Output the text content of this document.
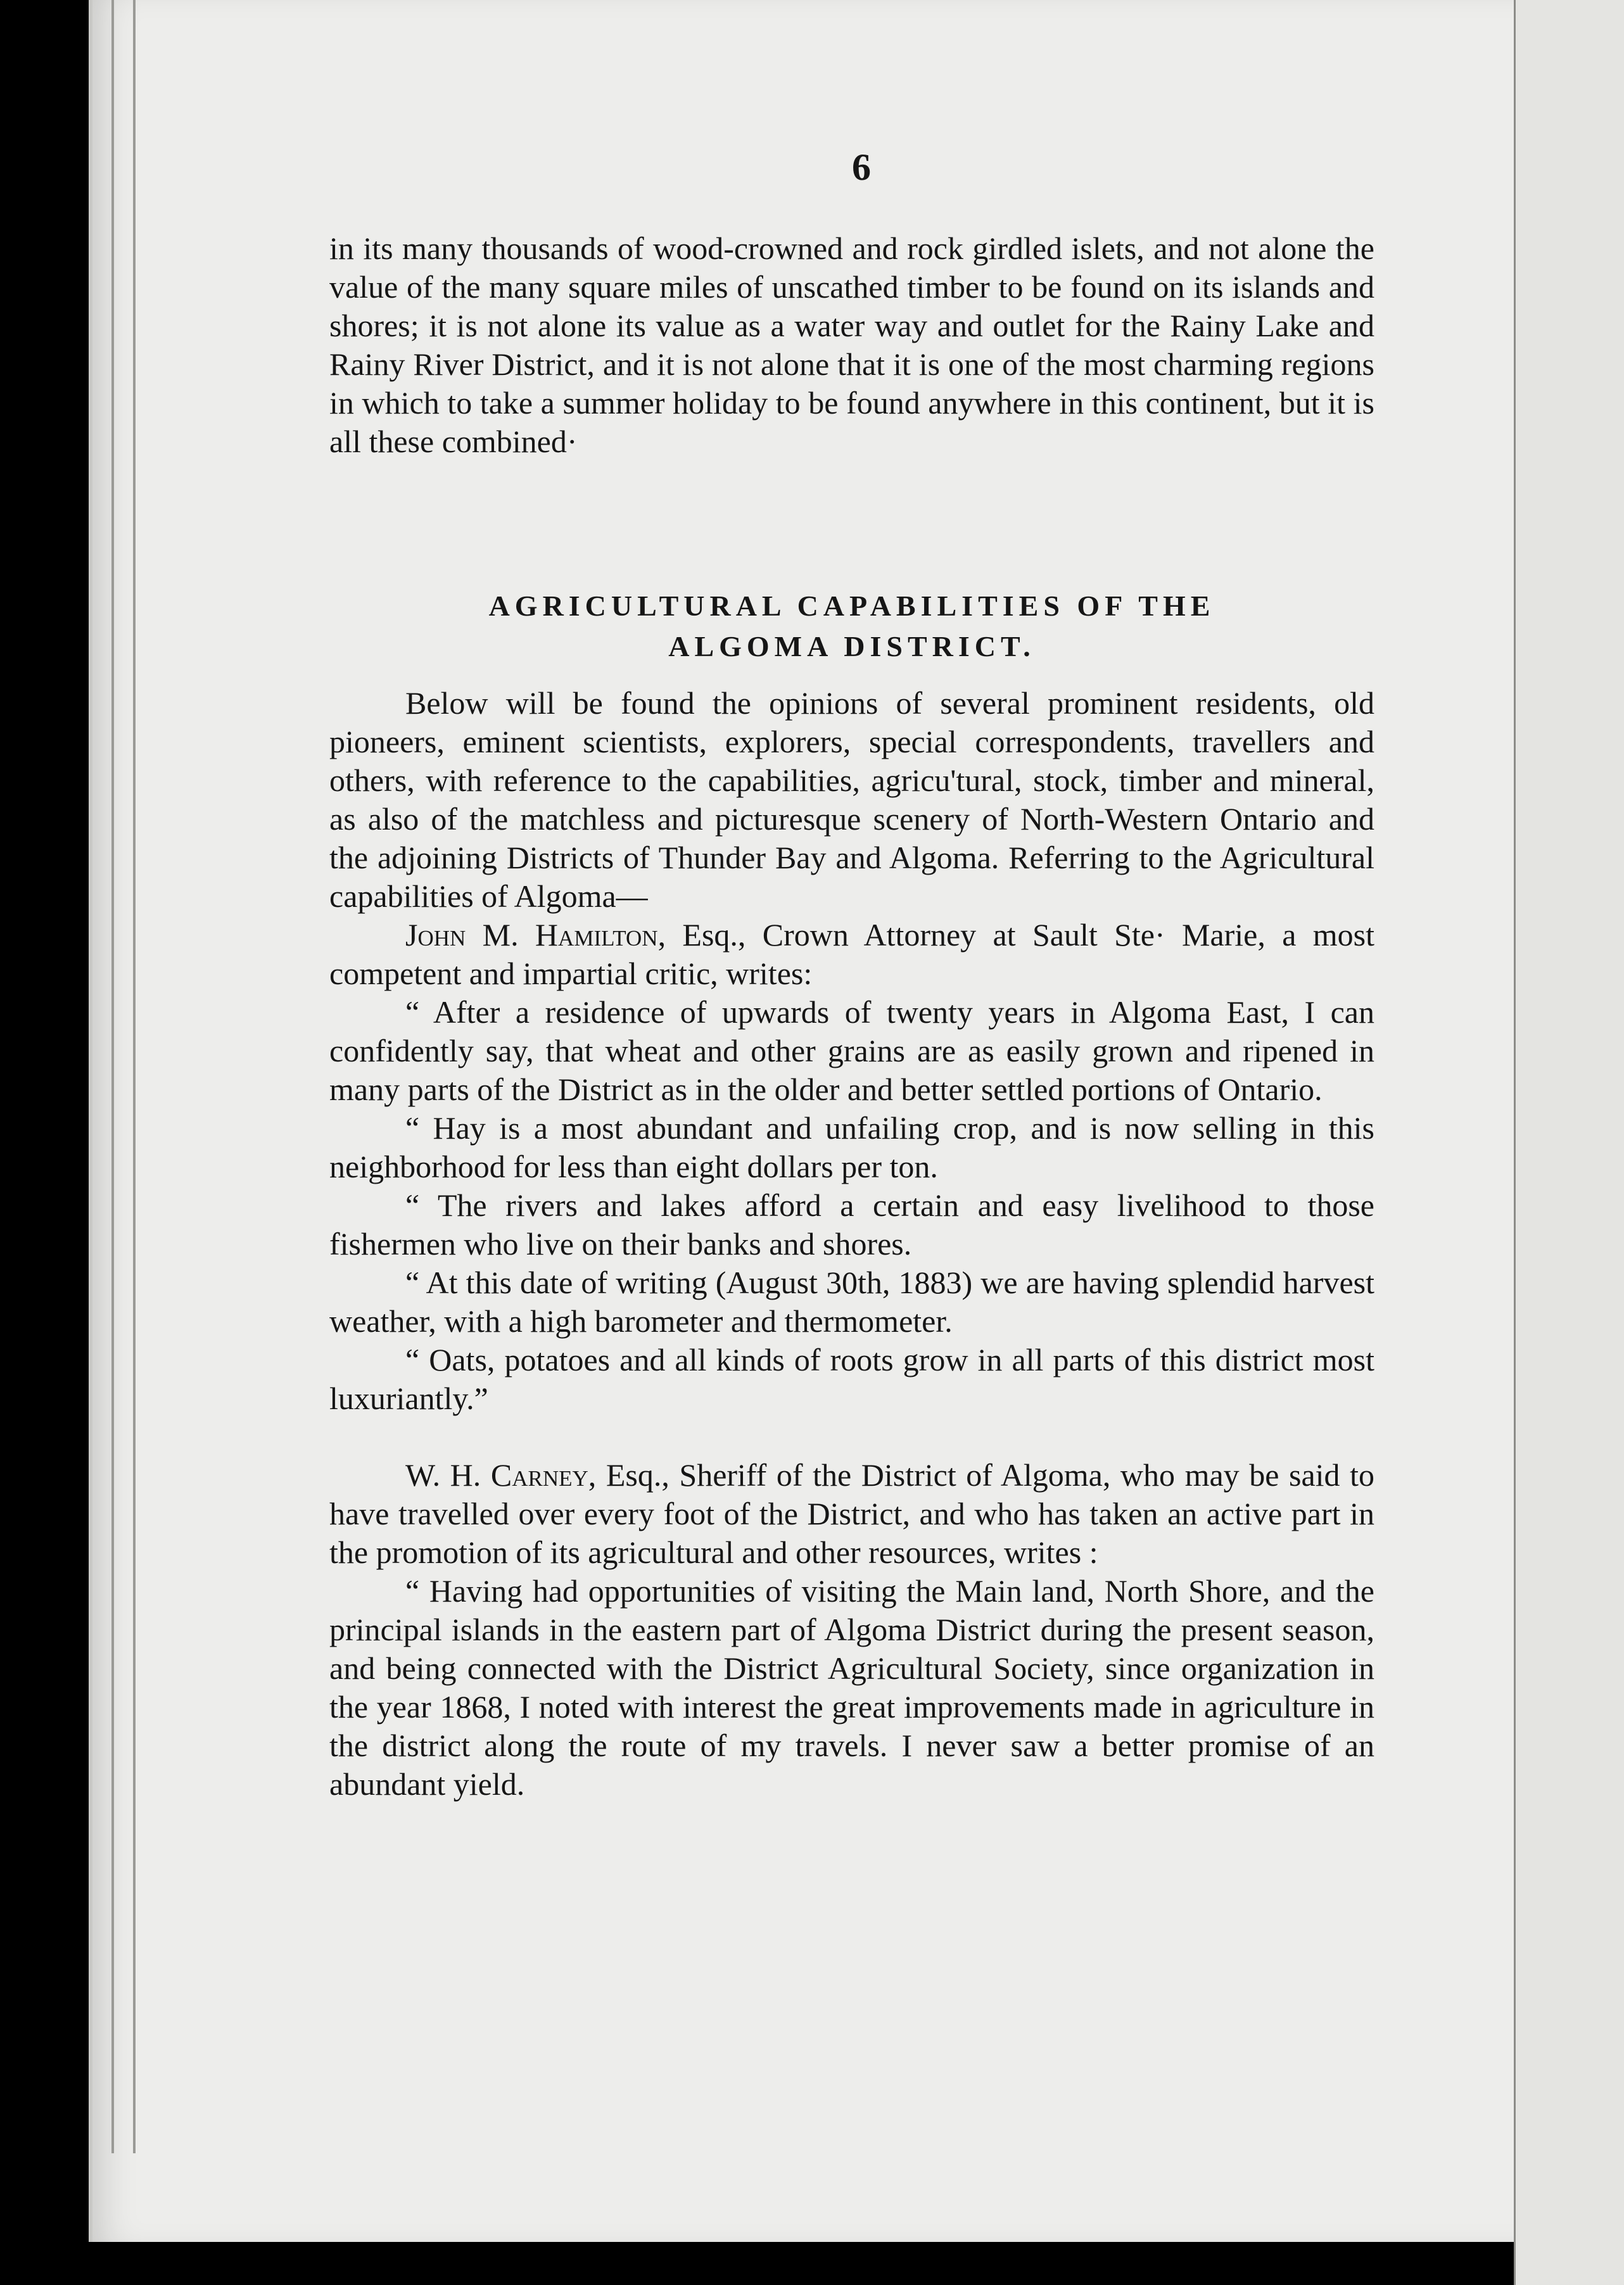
6

in its many thousands of wood-crowned and rock girdled islets, and not alone the value of the many square miles of unscathed timber to be found on its islands and shores; it is not alone its value as a water way and outlet for the Rainy Lake and Rainy River District, and it is not alone that it is one of the most charming regions in which to take a summer holiday to be found anywhere in this continent, but it is all these combined·

AGRICULTURAL CAPABILITIES OF THE
ALGOMA DISTRICT.

Below will be found the opinions of several prominent residents, old pioneers, eminent scientists, explorers, special correspondents, travellers and others, with reference to the capabilities, agricu'tural, stock, timber and mineral, as also of the matchless and picturesque scenery of North-Western Ontario and the adjoining Districts of Thunder Bay and Algoma. Referring to the Agricultural capabilities of Algoma—

John M. Hamilton, Esq., Crown Attorney at Sault Ste· Marie, a most competent and impartial critic, writes:

“ After a residence of upwards of twenty years in Algoma East, I can confidently say, that wheat and other grains are as easily grown and ripened in many parts of the District as in the older and better settled portions of Ontario.

“ Hay is a most abundant and unfailing crop, and is now selling in this neighborhood for less than eight dollars per ton.

“ The rivers and lakes afford a certain and easy livelihood to those fishermen who live on their banks and shores.

“ At this date of writing (August 30th, 1883) we are having splendid harvest weather, with a high barometer and thermometer.

“ Oats, potatoes and all kinds of roots grow in all parts of this district most luxuriantly.”

W. H. Carney, Esq., Sheriff of the District of Algoma, who may be said to have travelled over every foot of the District, and who has taken an active part in the promotion of its agricultural and other resources, writes :

“ Having had opportunities of visiting the Main land, North Shore, and the principal islands in the eastern part of Algoma District during the present season, and being connected with the District Agricultural Society, since organization in the year 1868, I noted with interest the great improvements made in agriculture in the district along the route of my travels. I never saw a better promise of an abundant yield.
